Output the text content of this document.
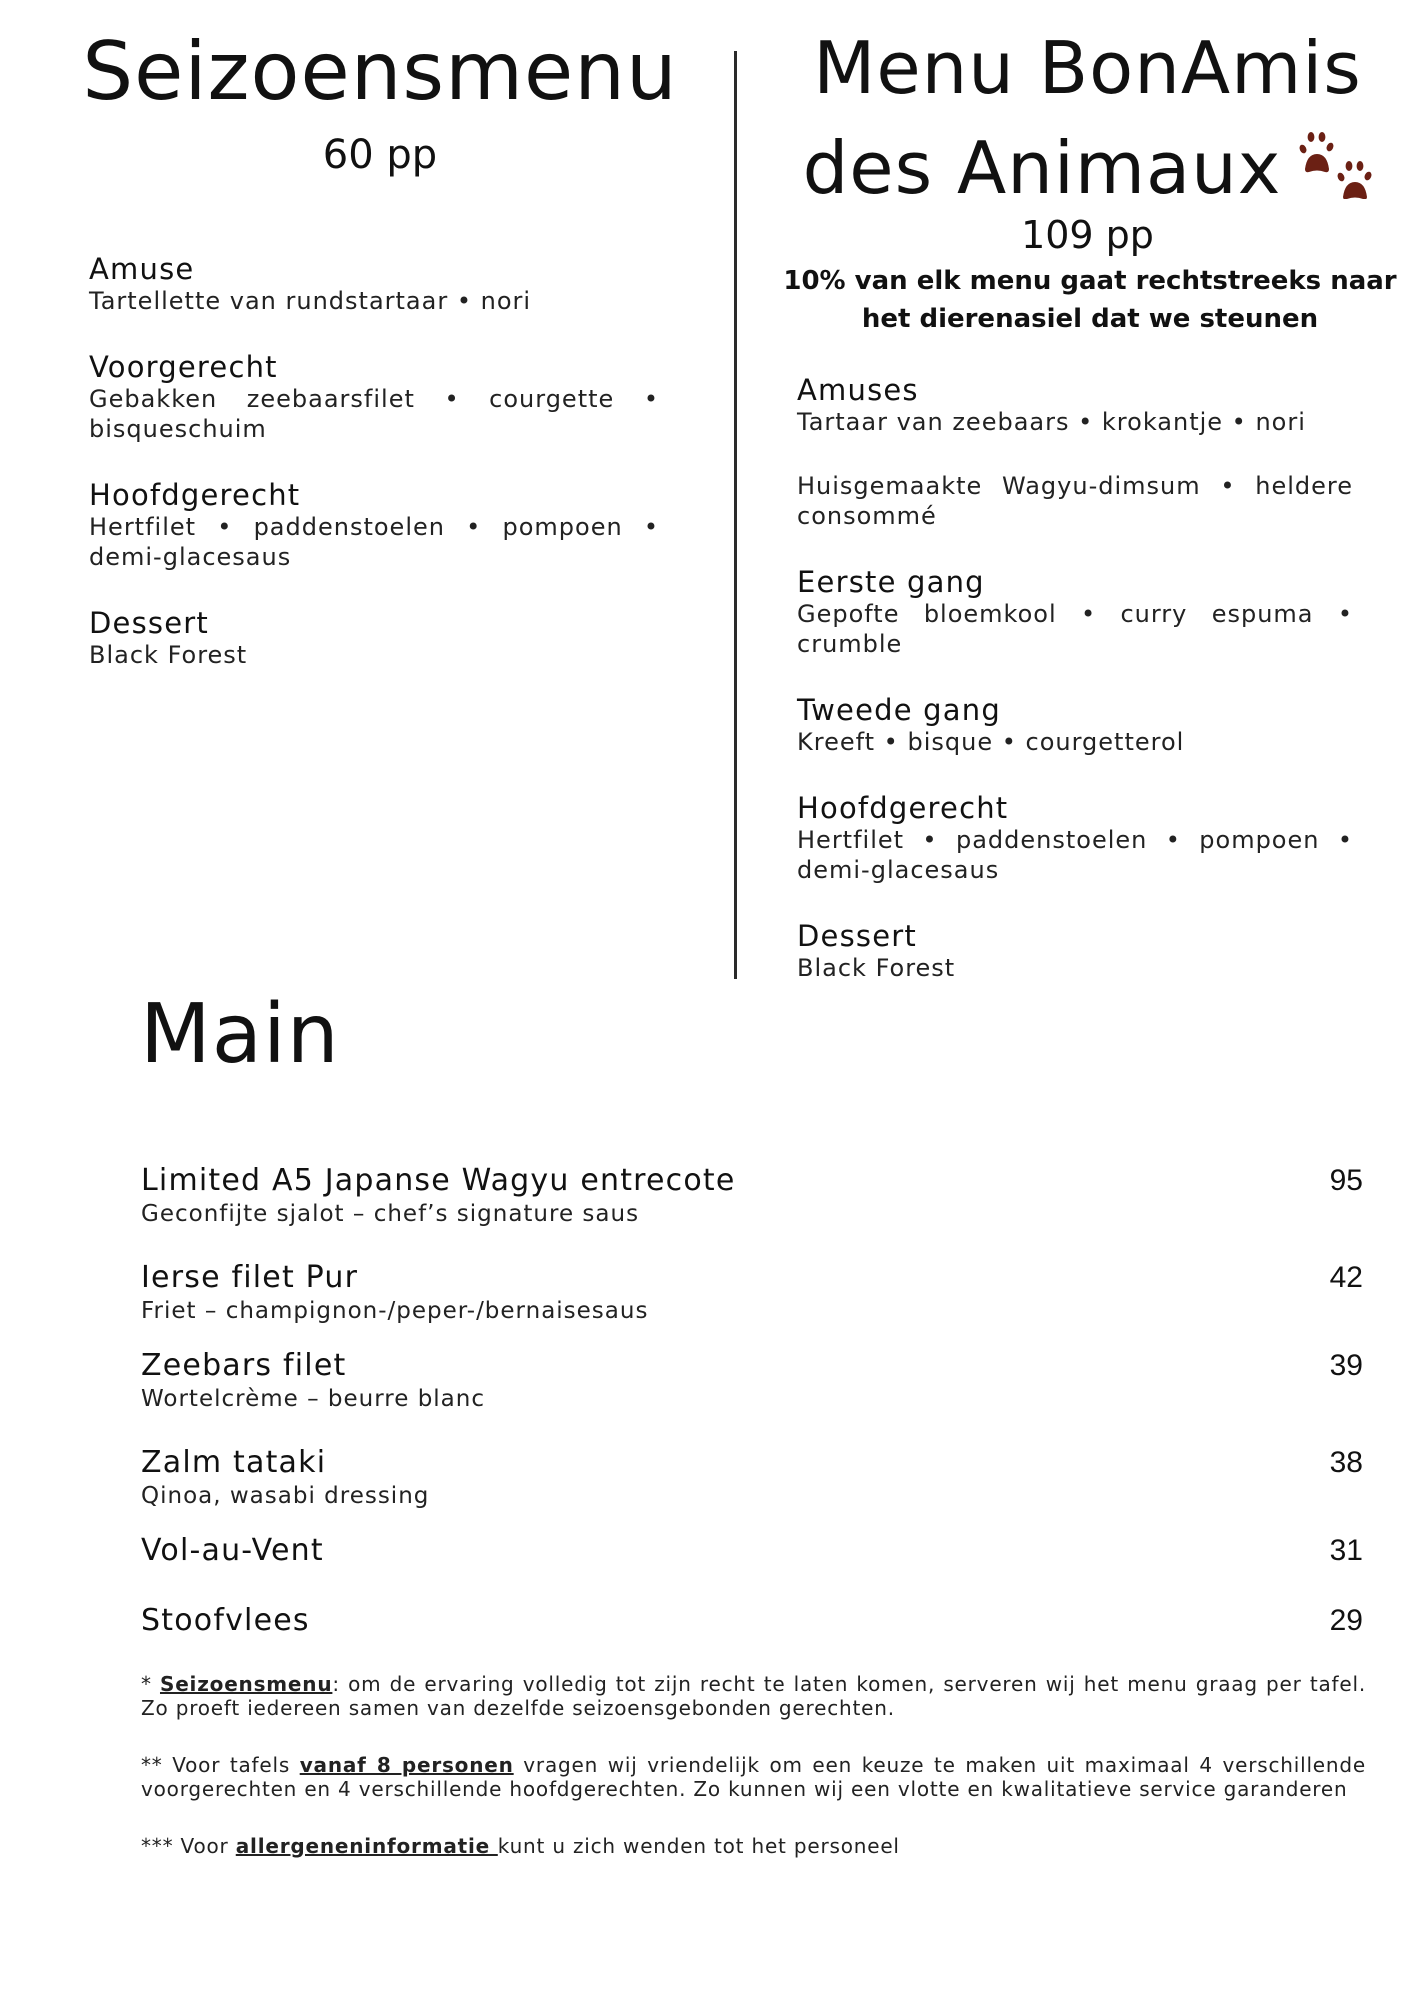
Seizoensmenu
60 pp
Amuse
Tartellette van rundstartaar • nori
Voorgerecht
Gebakken zeebaarsfilet • courgette • bisqueschuim
Hoofdgerecht
Hertfilet • paddenstoelen • pompoen • demi-glacesaus
Dessert
Black Forest
Menu BonAmis
des Animaux
109 pp
10% van elk menu gaat rechtstreeks naar het dierenasiel dat we steunen
Amuses
Tartaar van zeebaars • krokantje • nori
Huisgemaakte Wagyu-dimsum • heldere consommé
Eerste gang
Gepofte bloemkool • curry espuma • crumble
Tweede gang
Kreeft • bisque • courgetterol
Hoofdgerecht
Hertfilet • paddenstoelen • pompoen • demi-glacesaus
Dessert
Black Forest
Main
Limited A5 Japanse Wagyu entrecote
Geconfijte sjalot – chef’s signature saus
95
Ierse filet Pur
Friet – champignon-/peper-/bernaisesaus
42
Zeebars filet
Wortelcrème – beurre blanc
39
Zalm tataki
Qinoa, wasabi dressing
38
Vol-au-Vent	31
Stoofvlees	29
* Seizoensmenu: om de ervaring volledig tot zijn recht te laten komen, serveren wij het menu graag per tafel. Zo proeft iedereen samen van dezelfde seizoensgebonden gerechten.
** Voor tafels vanaf 8 personen vragen wij vriendelijk om een keuze te maken uit maximaal 4 verschillende voorgerechten en 4 verschillende hoofdgerechten. Zo kunnen wij een vlotte en kwalitatieve service garanderen
*** Voor allergeneninformatie kunt u zich wenden tot het personeel
